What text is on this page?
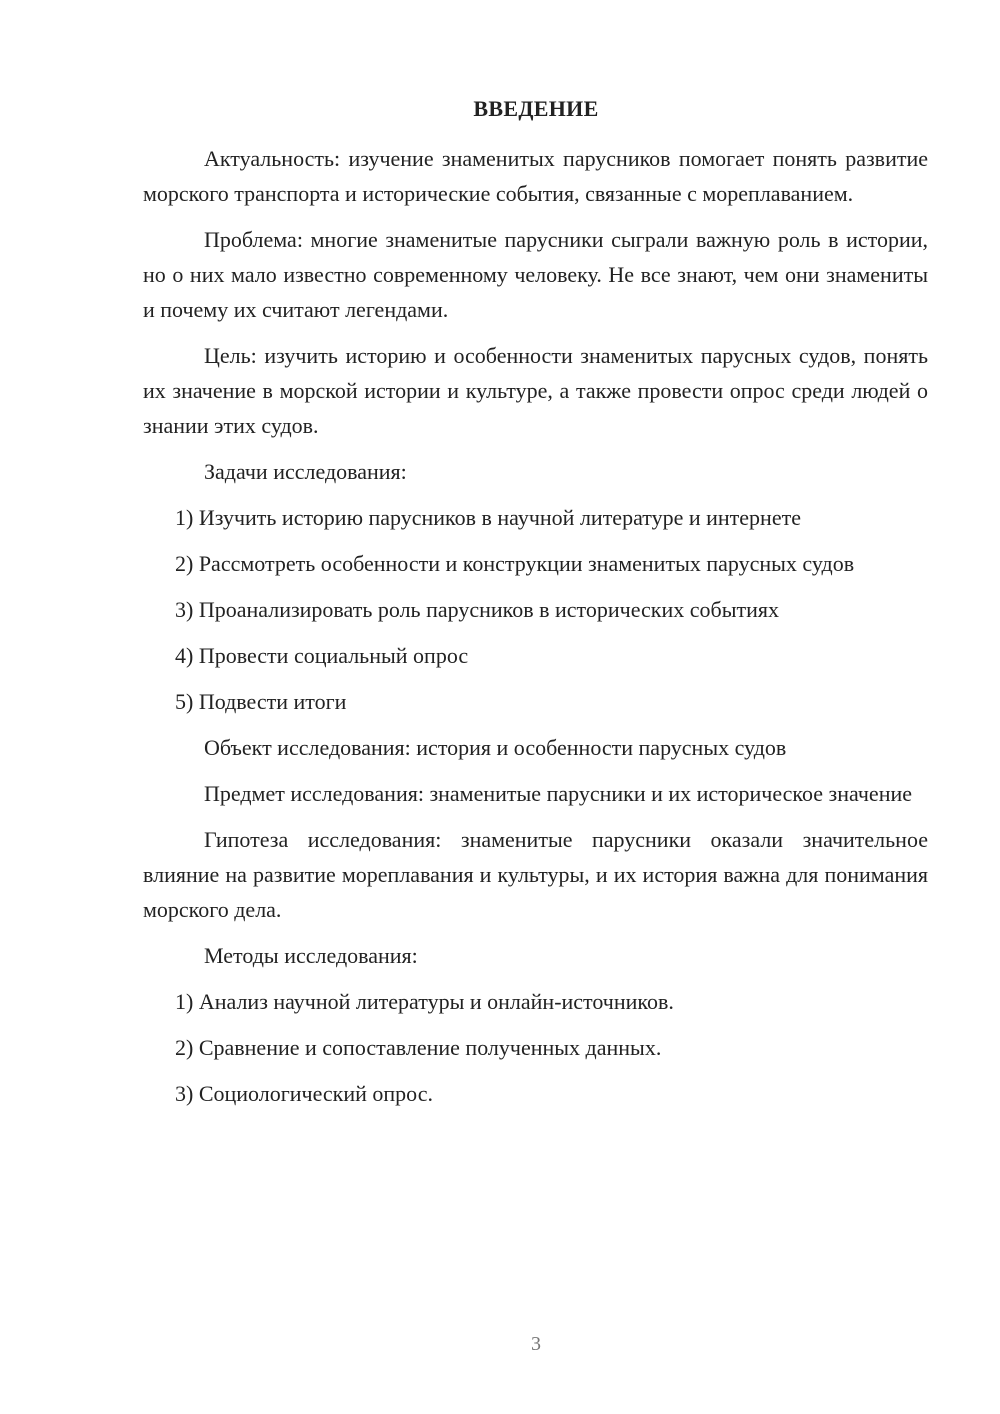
ВВЕДЕНИЕ

Актуальность: изучение знаменитых парусников помогает понять развитие морского транспорта и исторические события, связанные с мореплаванием.

Проблема: многие знаменитые парусники сыграли важную роль в истории, но о них мало известно современному человеку. Не все знают, чем они знамениты и почему их считают легендами.

Цель: изучить историю и особенности знаменитых парусных судов, понять их значение в морской истории и культуре, а также провести опрос среди людей о знании этих судов.

Задачи исследования:

1) Изучить историю парусников в научной литературе и интернете

2) Рассмотреть особенности и конструкции знаменитых парусных судов

3) Проанализировать роль парусников в исторических событиях

4) Провести социальный опрос

5) Подвести итоги

Объект исследования: история и особенности парусных судов

Предмет исследования: знаменитые парусники и их историческое значение

Гипотеза исследования: знаменитые парусники оказали значительное влияние на развитие мореплавания и культуры, и их история важна для понимания морского дела.

Методы исследования:

1) Анализ научной литературы и онлайн-источников.

2) Сравнение и сопоставление полученных данных.

3) Социологический опрос.

3
